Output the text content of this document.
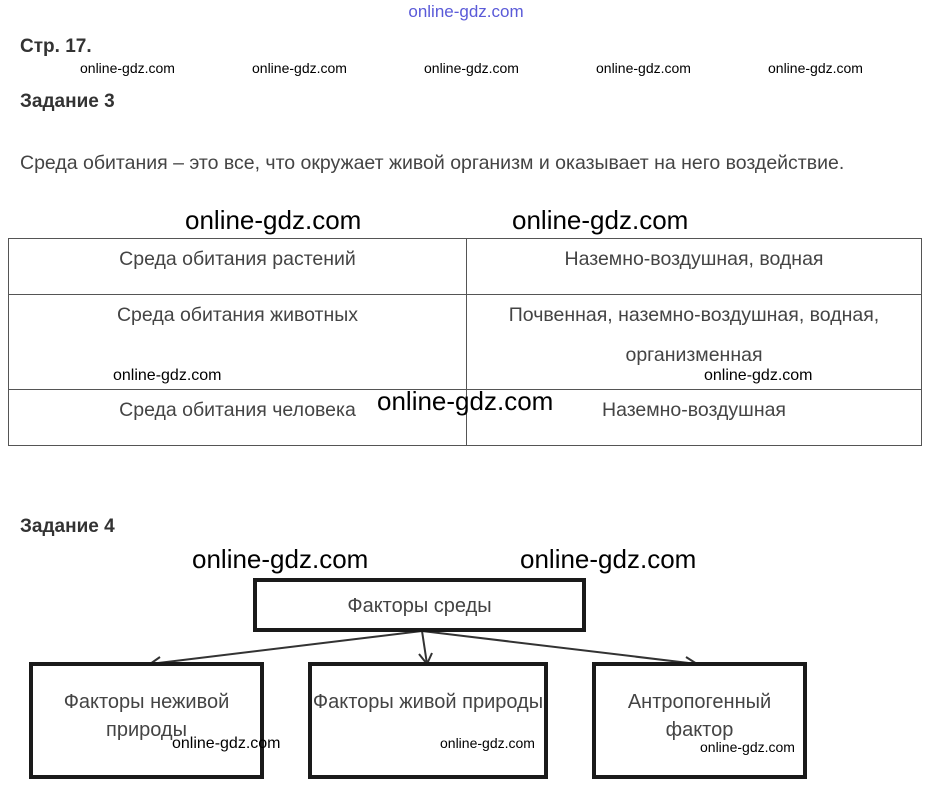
online-gdz.com
Стр. 17.
online-gdz.com	online-gdz.com	online-gdz.com	online-gdz.com	online-gdz.com
Задание 3
Среда обитания – это все, что окружает живой организм и оказывает на него воздействие.
online-gdz.com	online-gdz.com
Среда обитания растений	Наземно-воздушная, водная
Среда обитания животных	Почвенная, наземно-воздушная, водная, организменная
Среда обитания человека	Наземно-воздушная
online-gdz.com	online-gdz.com
online-gdz.com
Задание 4
online-gdz.com	online-gdz.com
Факторы среды
Факторы неживой природы
Факторы живой природы	Антропогенный фактор
online-gdz.com	online-gdz.com	online-gdz.com
